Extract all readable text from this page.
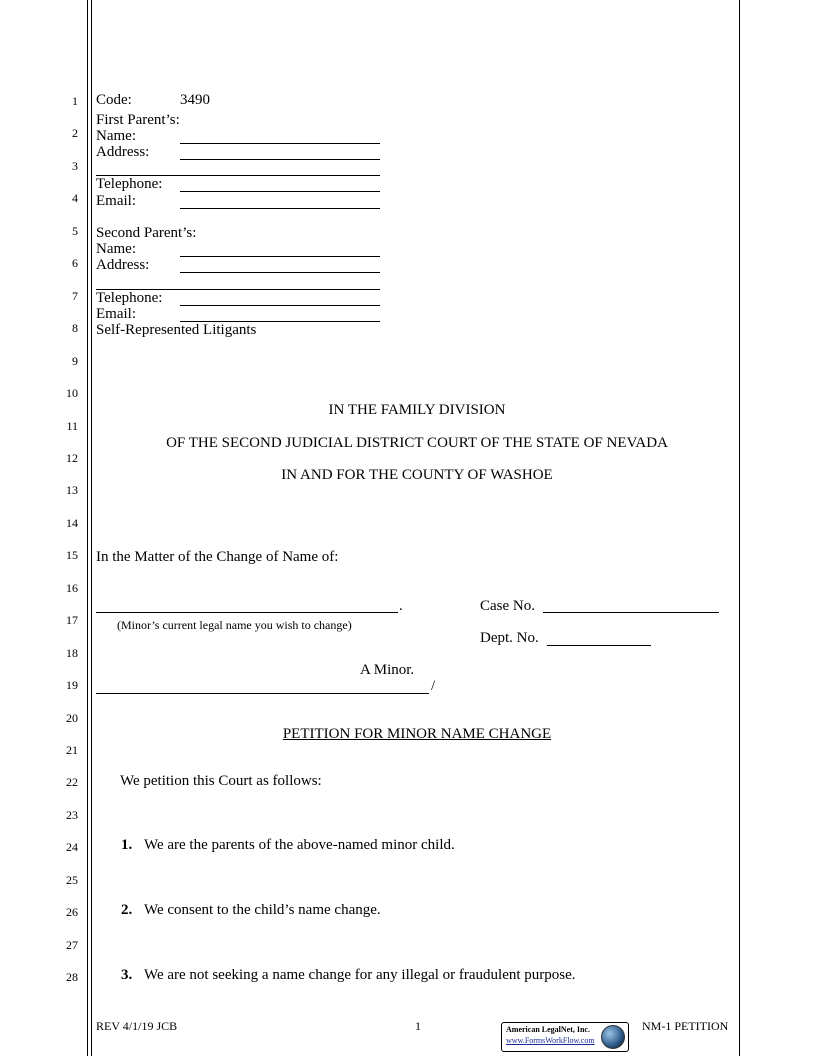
1
2
3
4
5
6
7
8
9
10
11
12
13
14
15
16
17
18
19
20
21
22
23
24
25
26
27
28
Code:	3490
First Parent’s:
Name:
Address:
Telephone:
Email:
Second Parent’s:
Name:
Address:
Telephone:
Email:
Self-Represented Litigants
IN THE FAMILY DIVISION
OF THE SECOND JUDICIAL DISTRICT COURT OF THE STATE OF NEVADA
IN AND FOR THE COUNTY OF WASHOE
In the Matter of the Change of Name of:
.
(Minor’s current legal name you wish to change)
Case No.
Dept. No.
A Minor.
/
PETITION FOR MINOR NAME CHANGE
We petition this Court as follows:
1. We are the parents of the above-named minor child.
2. We consent to the child’s name change.
3. We are not seeking a name change for any illegal or fraudulent purpose.
REV 4/1/19 JCB	1	American LegalNet, Inc.
www.FormsWorkFlow.com
NM-1 PETITION
